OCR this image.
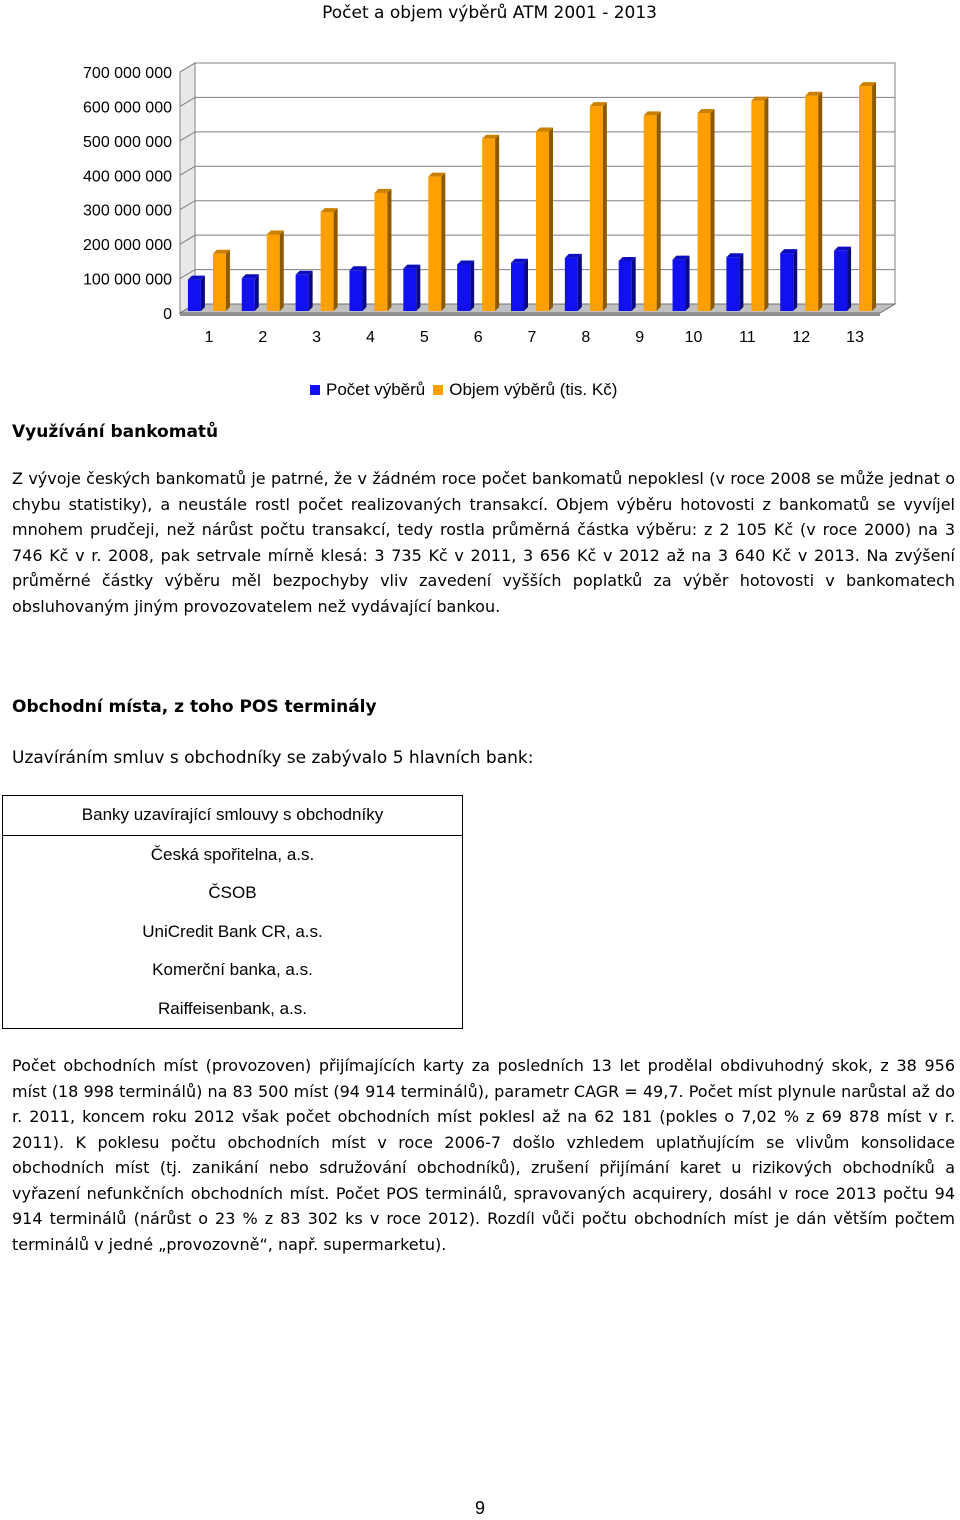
Počet a objem výběrů ATM 2001 - 2013
0
100 000 000
200 000 000
300 000 000
400 000 000
500 000 000
600 000 000
700 000 000
1	2	3	4	5	6	7	8	9	10 11 12 13
Počet výběrů Objem výběrů (tis. Kč)
Využívání bankomatů

Z vývoje českých bankomatů je patrné, že v žádném roce počet bankomatů nepoklesl (v roce 2008 se může jednat o chybu statistiky), a neustále rostl počet realizovaných transakcí. Objem výběru hotovosti z bankomatů se vyvíjel mnohem prudčeji, než nárůst počtu transakcí, tedy rostla průměrná částka výběru: z 2 105 Kč (v roce 2000) na 3 746 Kč v r. 2008, pak setrvale mírně klesá: 3 735 Kč v 2011, 3 656 Kč v 2012 až na 3 640 Kč v 2013. Na zvýšení průměrné částky výběru měl bezpochyby vliv zavedení vyšších poplatků za výběr hotovosti v bankomatech obsluhovaným jiným provozovatelem než vydávající bankou.

Obchodní místa, z toho POS terminály
Uzavíráním smluv s obchodníky se zabývalo 5 hlavních bank:
Banky uzavírající smlouvy s obchodníky
Česká spořitelna, a.s.
ČSOB
UniCredit Bank CR, a.s.
Komerční banka, a.s.
Raiffeisenbank, a.s.

Počet obchodních míst (provozoven) přijímajících karty za posledních 13 let prodělal obdivuhodný skok, z 38 956 míst (18 998 terminálů) na 83 500 míst (94 914 terminálů), parametr CAGR = 49,7. Počet míst plynule narůstal až do r. 2011, koncem roku 2012 však počet obchodních míst poklesl až na 62 181 (pokles o 7,02 % z 69 878 míst v r. 2011). K poklesu počtu obchodních míst v roce 2006-7 došlo vzhledem uplatňujícím se vlivům konsolidace obchodních míst (tj. zanikání nebo sdružování obchodníků), zrušení přijímání karet u rizikových obchodníků a vyřazení nefunkčních obchodních míst. Počet POS terminálů, spravovaných acquirery, dosáhl v roce 2013 počtu 94 914 terminálů (nárůst o 23 % z 83 302 ks v roce 2012). Rozdíl vůči počtu obchodních míst je dán větším počtem terminálů v jedné „provozovně“, např. supermarketu).

9
